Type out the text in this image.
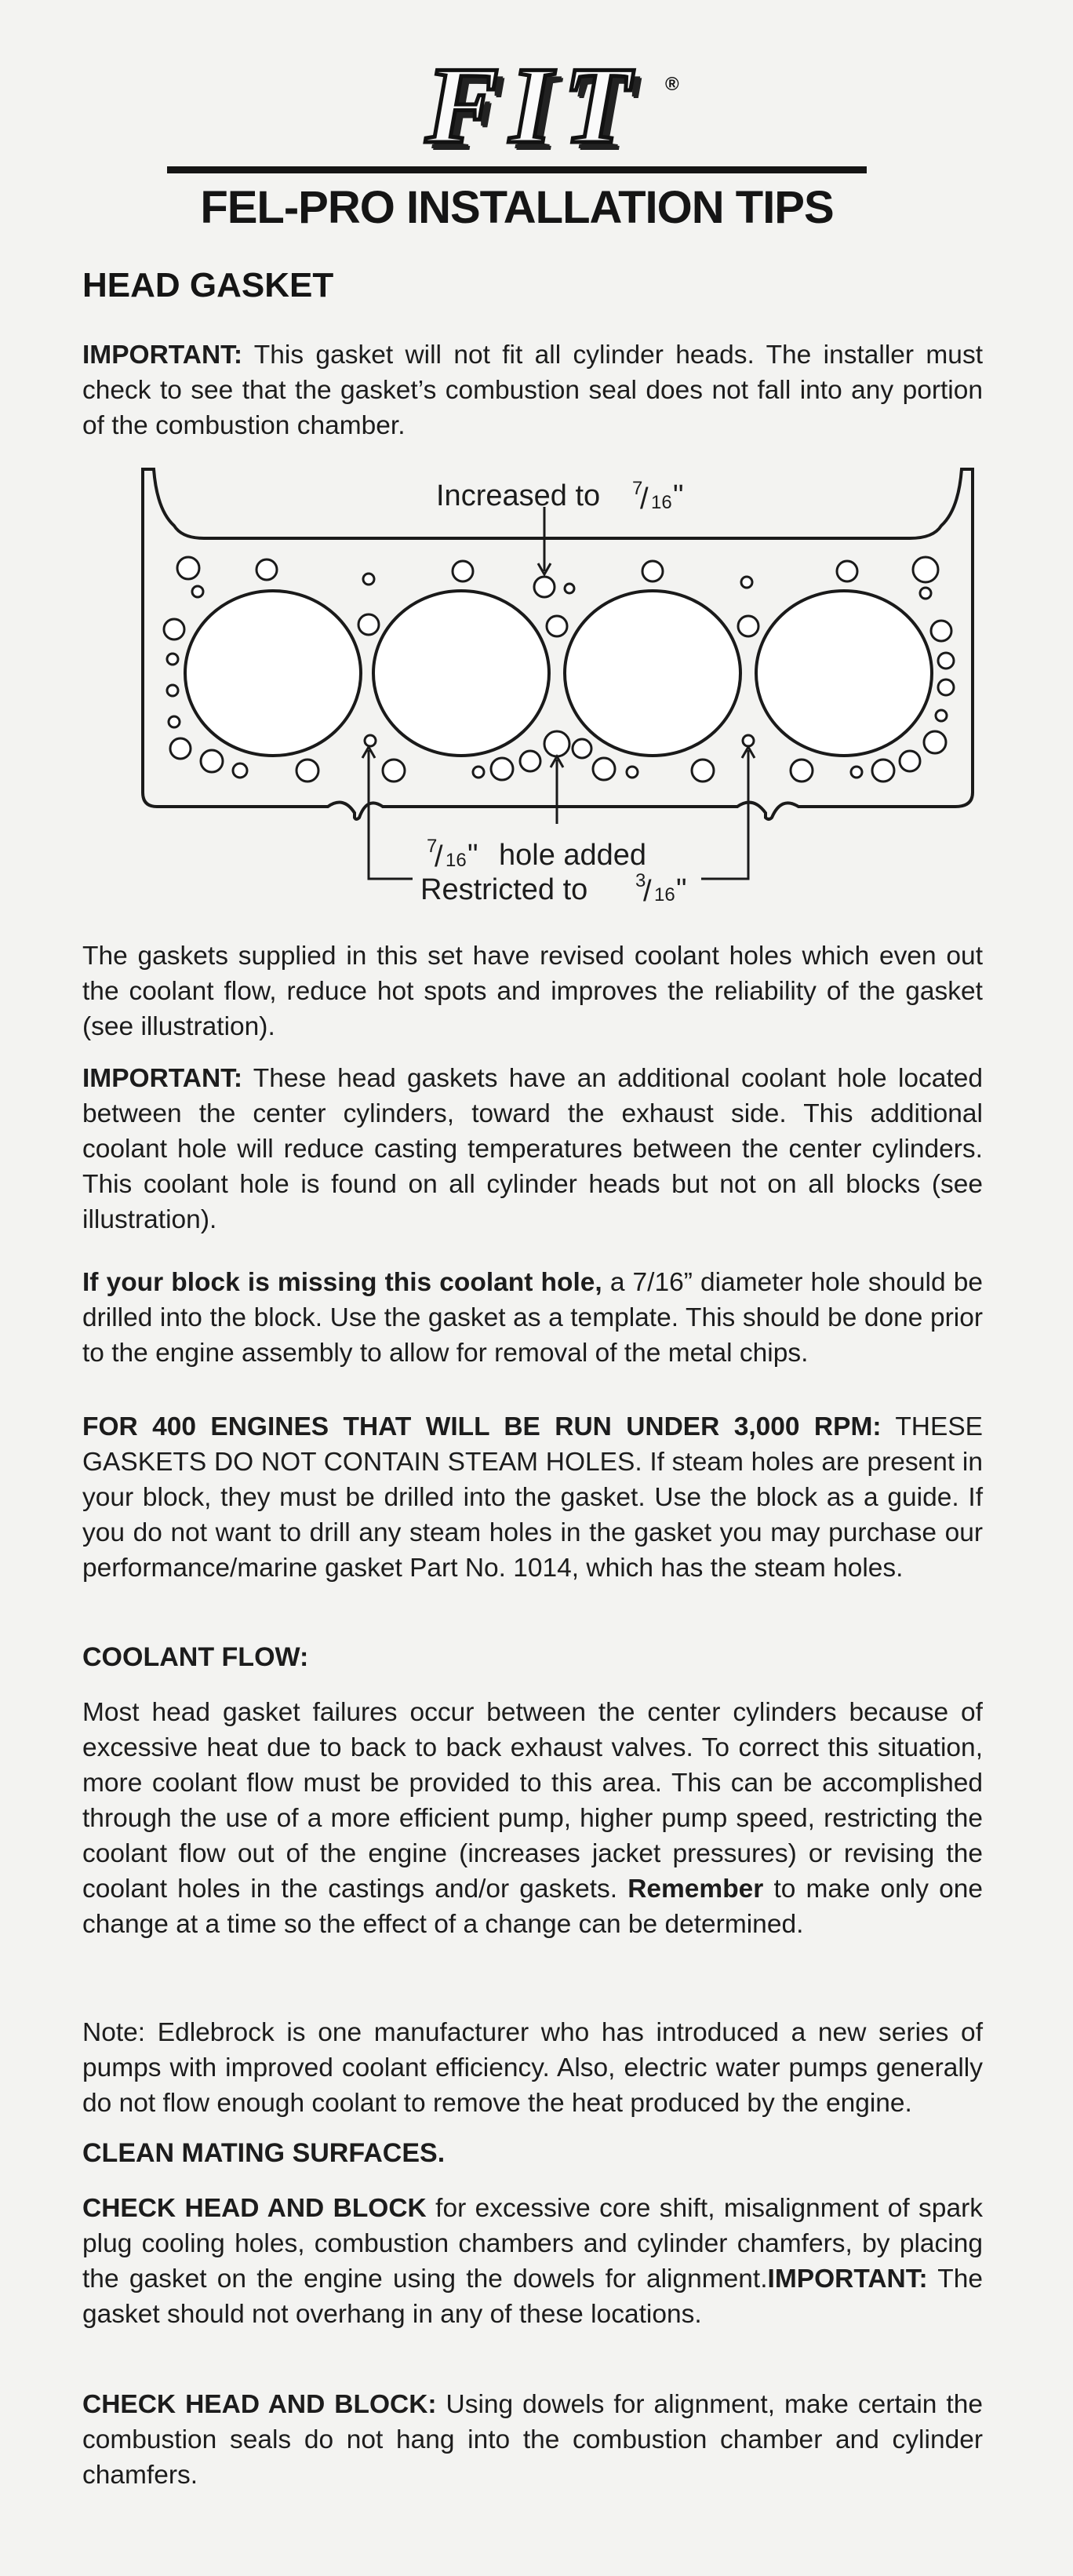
FIT	®
FEL-PRO INSTALLATION TIPS
HEAD GASKET
IMPORTANT: This gasket will not fit all cylinder heads. The installer must check to see that the gasket’s combustion seal does not fall into any portion of the combustion chamber.
Increased to 7
/ 16 "
7
/ 16 " hole added
Restricted to	3
/ 16 "
The gaskets supplied in this set have revised coolant holes which even out the coolant flow, reduce hot spots and improves the reliability of the gasket (see illustration).
IMPORTANT: These head gaskets have an additional coolant hole located between the center cylinders, toward the exhaust side. This additional coolant hole will reduce casting temperatures between the center cylinders. This coolant hole is found on all cylinder heads but not on all blocks (see illustration).
If your block is missing this coolant hole, a 7/16” diameter hole should be drilled into the block. Use the gasket as a template. This should be done prior to the engine assembly to allow for removal of the metal chips.
FOR 400 ENGINES THAT WILL BE RUN UNDER 3,000 RPM: THESE GASKETS DO NOT CONTAIN STEAM HOLES. If steam holes are present in your block, they must be drilled into the gasket. Use the block as a guide. If you do not want to drill any steam holes in the gasket you may purchase our performance/marine gasket Part No. 1014, which has the steam holes.
COOLANT FLOW:
Most head gasket failures occur between the center cylinders because of excessive heat due to back to back exhaust valves. To correct this situation, more coolant flow must be provided to this area. This can be accomplished through the use of a more efficient pump, higher pump speed, restricting the coolant flow out of the engine (increases jacket pressures) or revising the coolant holes in the castings and/or gaskets. Remember to make only one change at a time so the effect of a change can be determined.
Note: Edlebrock is one manufacturer who has introduced a new series of pumps with improved coolant efficiency. Also, electric water pumps generally do not flow enough coolant to remove the heat produced by the engine.
CLEAN MATING SURFACES.
CHECK HEAD AND BLOCK for excessive core shift, misalignment of spark plug cooling holes, combustion chambers and cylinder chamfers, by placing the gasket on the engine using the dowels for alignment.IMPORTANT: The gasket should not overhang in any of these locations.
CHECK HEAD AND BLOCK: Using dowels for alignment, make certain the combustion seals do not hang into the combustion chamber and cylinder chamfers.
